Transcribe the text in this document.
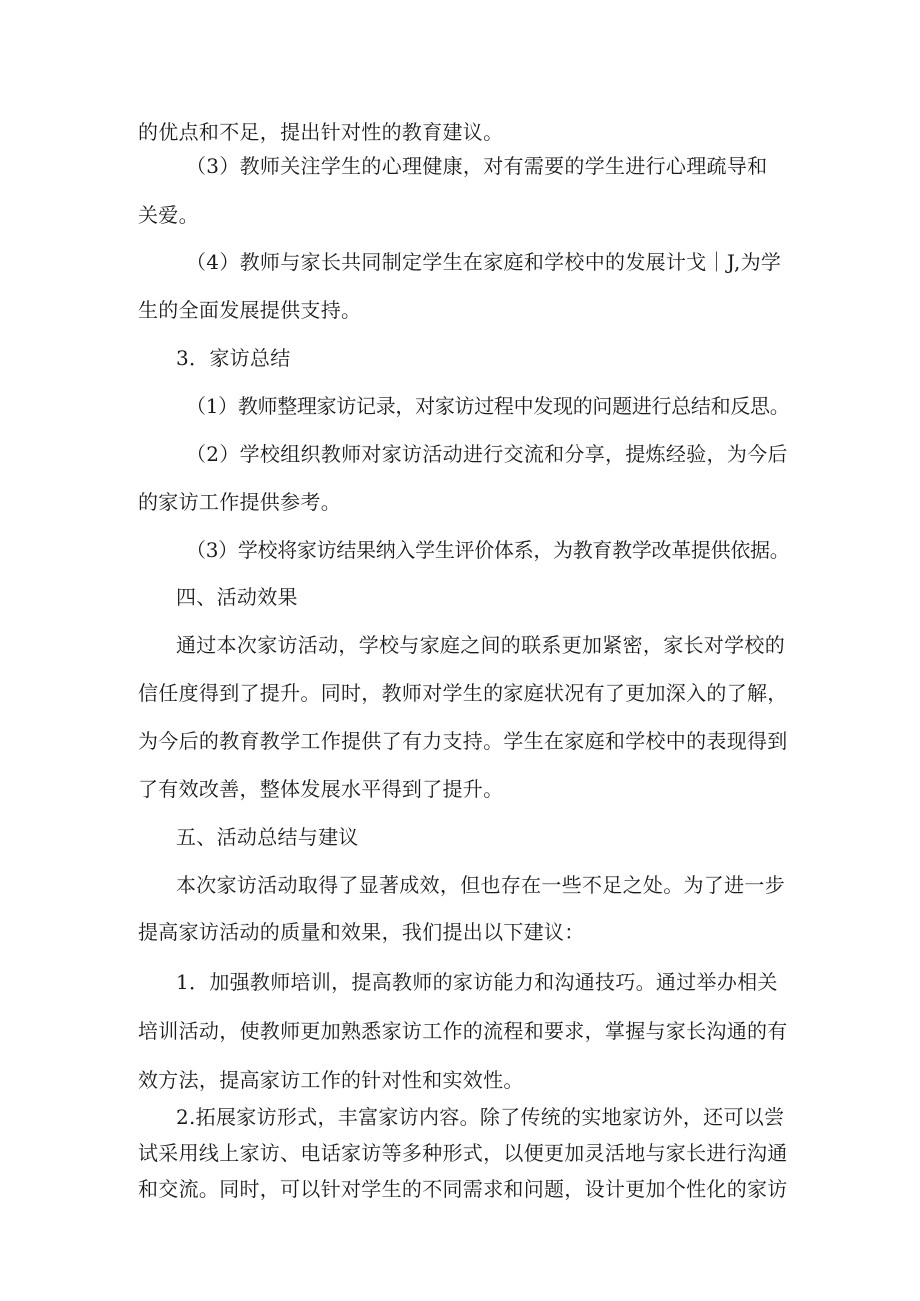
的优点和不足，提出针对性的教育建议。

（3）教师关注学生的心理健康，对有需要的学生进行心理疏导和

关爱。

（4）教师与家长共同制定学生在家庭和学校中的发展计戈｜J,为学

生的全面发展提供支持。

3．家访总结

（1）教师整理家访记录，对家访过程中发现的问题进行总结和反思。

（2）学校组织教师对家访活动进行交流和分享，提炼经验，为今后

的家访工作提供参考。

（3）学校将家访结果纳入学生评价体系，为教育教学改革提供依据。

四、活动效果

通过本次家访活动，学校与家庭之间的联系更加紧密，家长对学校的

信任度得到了提升。同时，教师对学生的家庭状况有了更加深入的了解，

为今后的教育教学工作提供了有力支持。学生在家庭和学校中的表现得到

了有效改善，整体发展水平得到了提升。

五、活动总结与建议

本次家访活动取得了显著成效，但也存在一些不足之处。为了进一步

提高家访活动的质量和效果，我们提出以下建议：

1．加强教师培训，提高教师的家访能力和沟通技巧。通过举办相关

培训活动，使教师更加熟悉家访工作的流程和要求，掌握与家长沟通的有

效方法，提高家访工作的针对性和实效性。

2.拓展家访形式，丰富家访内容。除了传统的实地家访外，还可以尝

试采用线上家访、电话家访等多种形式，以便更加灵活地与家长进行沟通

和交流。同时，可以针对学生的不同需求和问题，设计更加个性化的家访
